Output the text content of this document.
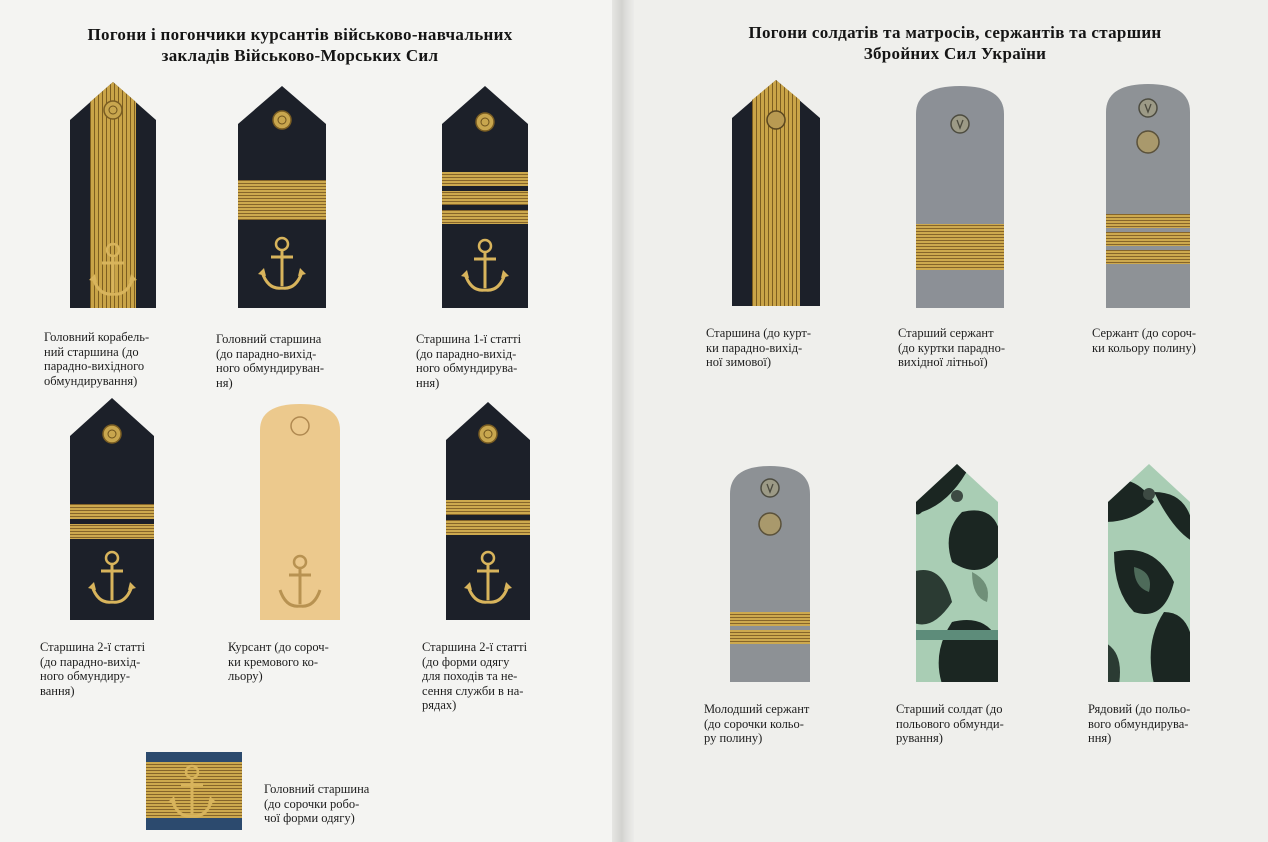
Погони і погончики курсантів військово-навчальних
закладів Військово-Морських Сил
Погони солдатів та матросів, сержантів та старшин
Збройних Сил України
Головний корабель-
ний старшина (до
парадно-вихідного
обмундирування)
Головний старшина
(до парадно-вихід-
ного обмундируван-
ня)
Старшина 1-ї статті
(до парадно-вихід-
ного обмундирува-
ння)
Старшина 2-ї статті
(до парадно-вихід-
ного обмундиру-
вання)
Курсант (до сороч-
ки кремового ко-
льору)
Старшина 2-ї статті
(до форми одягу
для походів та не-
сення служби в на-
рядах)
Головний старшина
(до сорочки робо-
чої форми одягу)
Старшина (до курт-
ки парадно-вихід-
ної зимової)
Старший сержант
(до куртки парадно-
вихідної літньої)
Сержант (до сороч-
ки кольору полину)
Молодший сержант
(до сорочки кольо-
ру полину)
Старший солдат (до
польового обмунди-
рування)
Рядовий (до польо-
вого обмундирува-
ння)
